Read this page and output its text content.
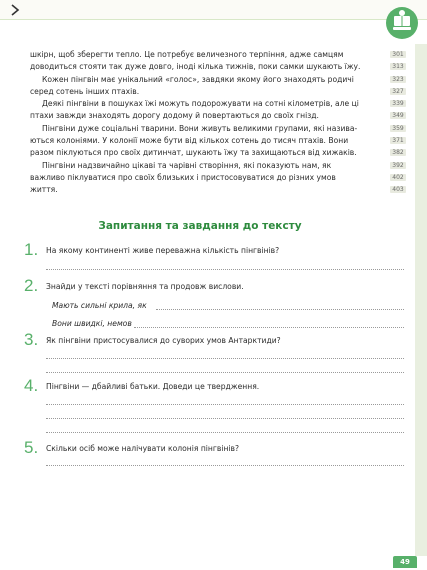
шкірн, щоб зберегти тепло. Це потребує величезного терпіння, адже самцям
доводиться стояти так дуже довго, іноді кілька тижнів, поки самки шукають їжу.
Кожен пінгвін має унікальний «голос», завдяки якому його знаходять родичі
серед сотень інших птахів.
Деякі пінгвіни в пошуках їжі можуть подорожувати на сотні кілометрів, але ці
птахи завжди знаходять дорогу додому й повертаються до своїх гнізд.
Пінгвіни дуже соціальні тварини. Вони живуть великими групами, які назива-
ються колоніями. У колонії може бути від кількох сотень до тисяч птахів. Вони
разом піклуються про своїх дитинчат, шукають їжу та захищаються від хижаків.
Пінгвіни надзвичайно цікаві та чарівні створіння, які показують нам, як
важливо піклуватися про своїх близьких і пристосовуватися до різних умов
життя.
301
313
323
327
339
349
359
371
382
392
402
403
Запитання та завдання до тексту
1. На якому континенті живе переважна кількість пінгвінів?
2. Знайди у тексті порівняння та продовж вислови.
Мають сильні крила, як
Вони швидкі, немов
3. Як пінгвіни пристосувалися до суворих умов Антарктиди?
4. Пінгвіни — дбайливі батьки. Доведи це твердження.
5. Скільки осіб може налічувати колонія пінгвінів?
49
